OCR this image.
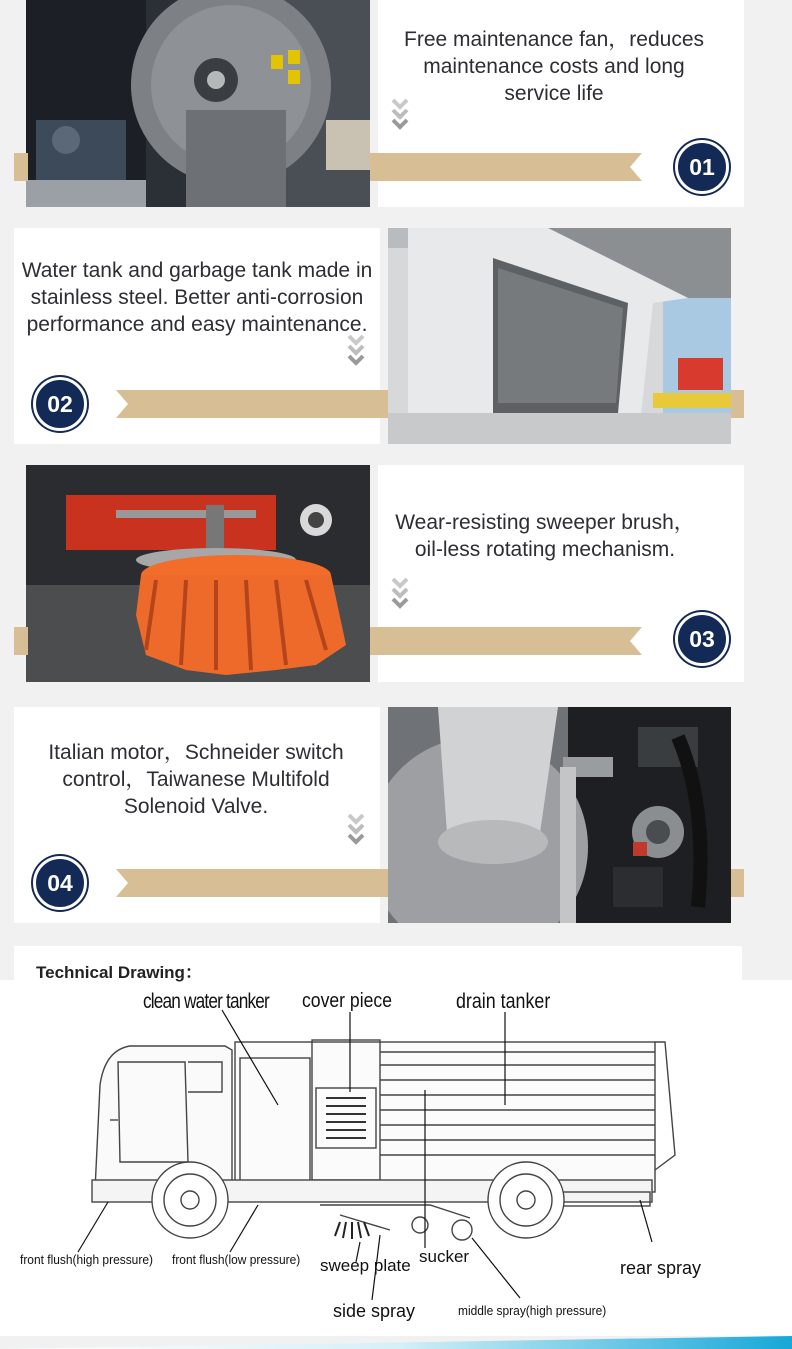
Free maintenance fan，reduces maintenance costs and long service life
01
Water tank and garbage tank made in stainless steel. Better anti-corrosion performance and easy maintenance.
02
Wear-resisting sweeper brush，oil-less rotating mechanism.
03
Italian motor，Schneider switch control，Taiwanese Multifold Solenoid Valve.
04
Technical Drawing：
clean water tanker cover piece	drain tanker
front flush(high pressure) front flush(low pressure) sweep plate sucker
rear spray
side spray	middle spray(high pressure)
